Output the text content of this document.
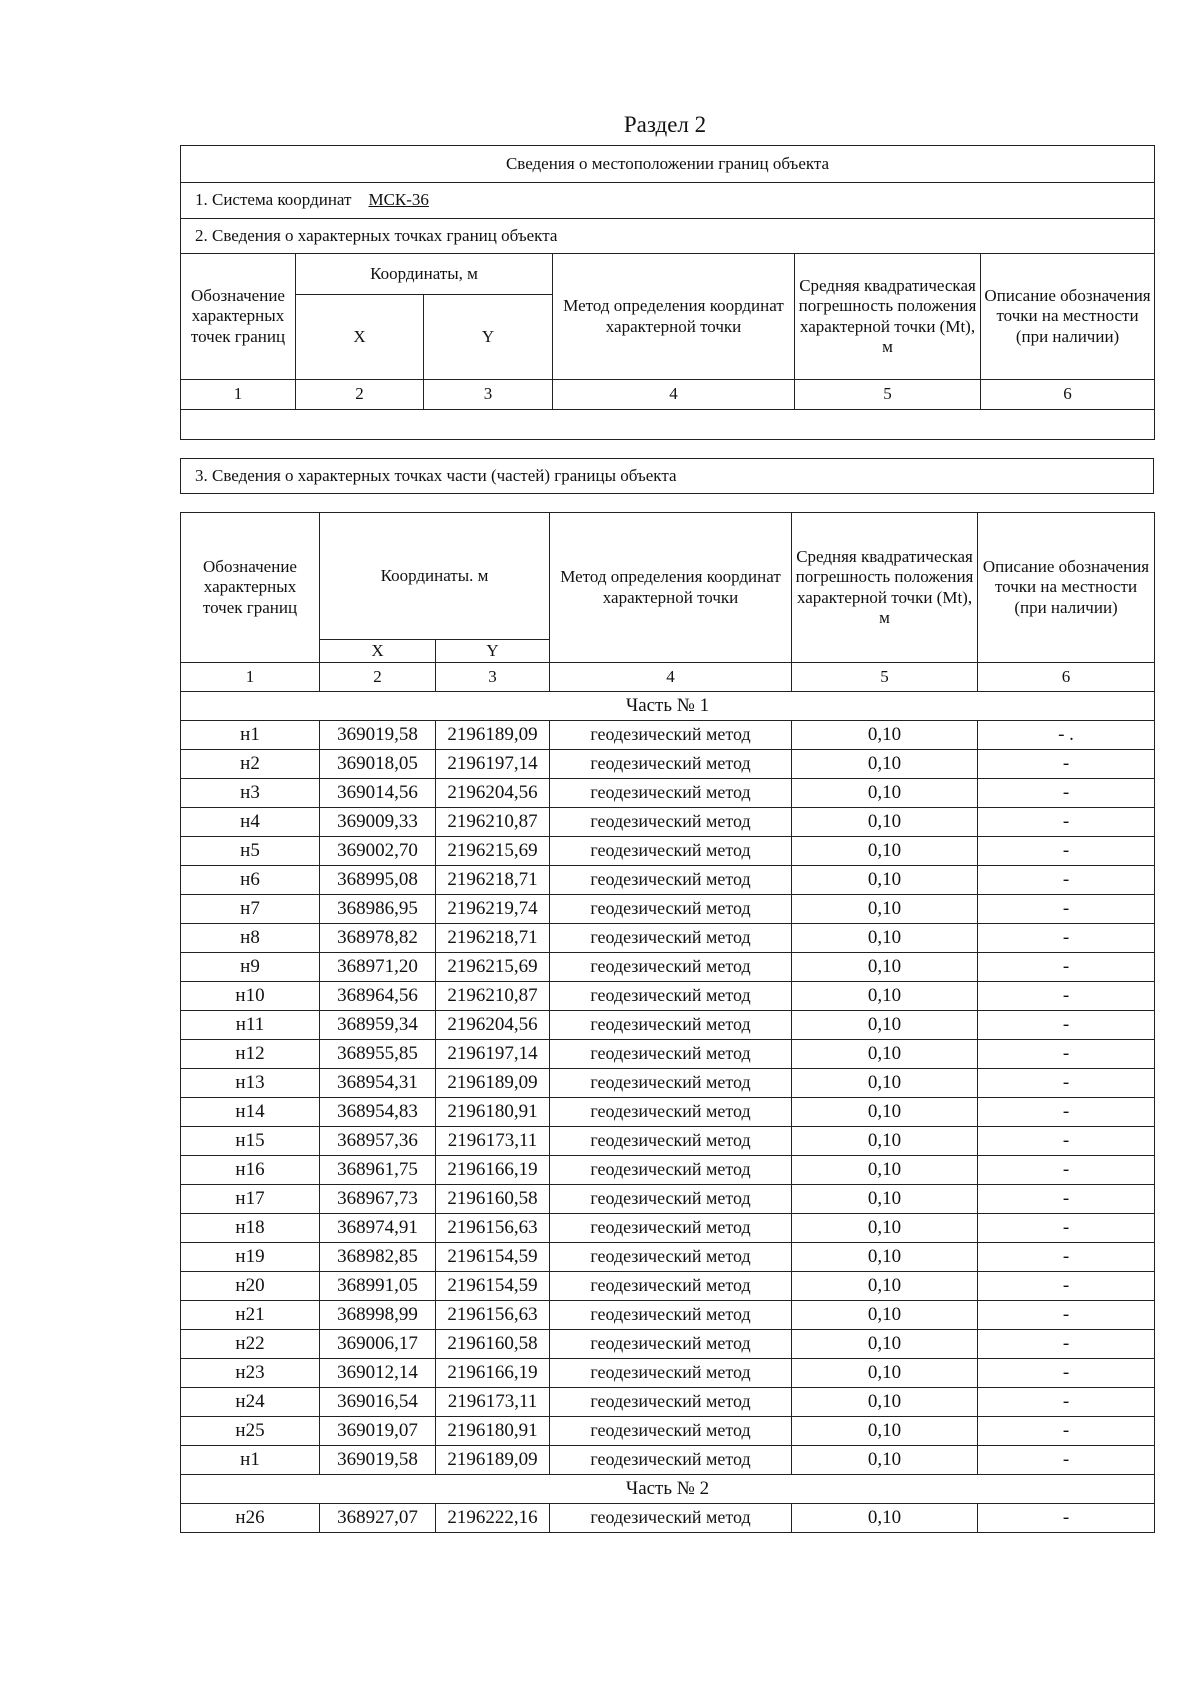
Раздел 2
Сведения о местоположении границ объекта					
1. Система координат МСК-36					
2. Сведения о характерных точках границ объекта					
Обозначение характерных точек границ	Координаты, м		Метод определения координат характерной точки	Средняя квадратическая погрешность положения характерной точки (Mt), м	Описание обозначения точки на местности (при наличии)
	X	Y			
1	2	3	4	5	6

3. Сведения о характерных точках части (частей) границы объекта
Обозначение характерных точек границ	Координаты. м		Метод определения координат характерной точки	Средняя квадратическая погрешность положения характерной точки (Mt), м	Описание обозначения точки на местности (при наличии)
	X	Y			
1	2	3	4	5	6
Часть № 1					
н1	369019,58	2196189,09	геодезический метод	0,10	- .
н2	369018,05	2196197,14	геодезический метод	0,10	-
н3	369014,56	2196204,56	геодезический метод	0,10	-
н4	369009,33	2196210,87	геодезический метод	0,10	-
н5	369002,70	2196215,69	геодезический метод	0,10	-
н6	368995,08	2196218,71	геодезический метод	0,10	-
н7	368986,95	2196219,74	геодезический метод	0,10	-
н8	368978,82	2196218,71	геодезический метод	0,10	-
н9	368971,20	2196215,69	геодезический метод	0,10	-
н10	368964,56	2196210,87	геодезический метод	0,10	-
н11	368959,34	2196204,56	геодезический метод	0,10	-
н12	368955,85	2196197,14	геодезический метод	0,10	-
н13	368954,31	2196189,09	геодезический метод	0,10	-
н14	368954,83	2196180,91	геодезический метод	0,10	-
н15	368957,36	2196173,11	геодезический метод	0,10	-
н16	368961,75	2196166,19	геодезический метод	0,10	-
н17	368967,73	2196160,58	геодезический метод	0,10	-
н18	368974,91	2196156,63	геодезический метод	0,10	-
н19	368982,85	2196154,59	геодезический метод	0,10	-
н20	368991,05	2196154,59	геодезический метод	0,10	-
н21	368998,99	2196156,63	геодезический метод	0,10	-
н22	369006,17	2196160,58	геодезический метод	0,10	-
н23	369012,14	2196166,19	геодезический метод	0,10	-
н24	369016,54	2196173,11	геодезический метод	0,10	-
н25	369019,07	2196180,91	геодезический метод	0,10	-
н1	369019,58	2196189,09	геодезический метод	0,10	-
Часть № 2					
н26	368927,07	2196222,16	геодезический метод	0,10	-
